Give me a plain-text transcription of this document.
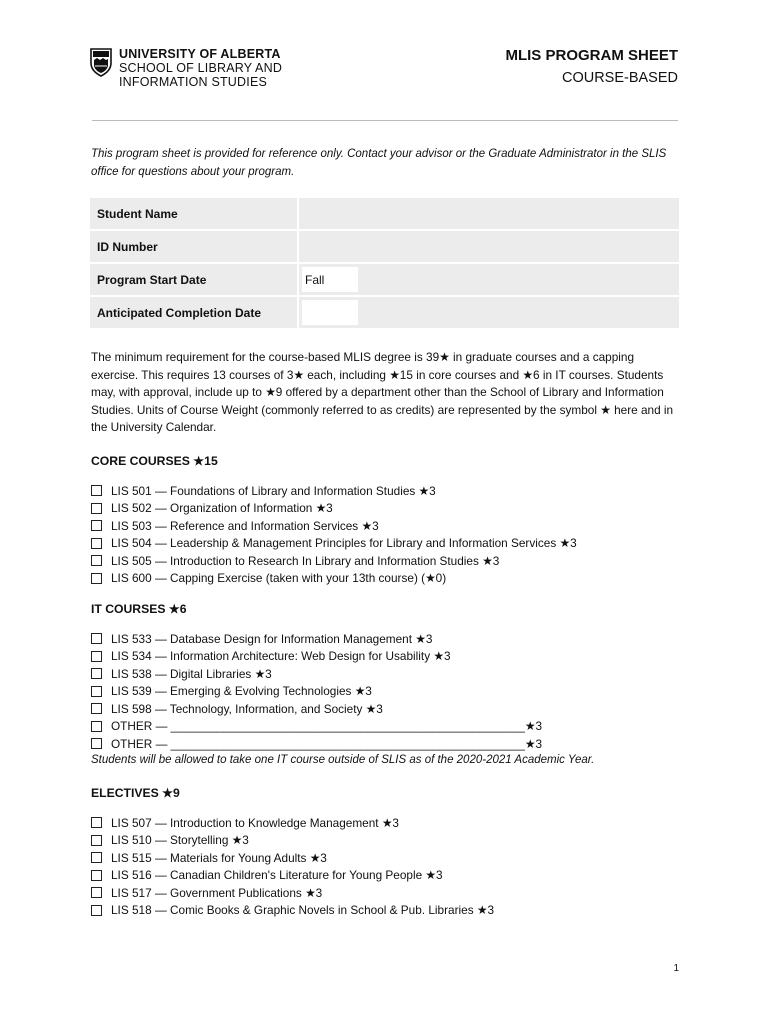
UNIVERSITY OF ALBERTA
SCHOOL OF LIBRARY AND
INFORMATION STUDIES
MLIS PROGRAM SHEET
COURSE-BASED
This program sheet is provided for reference only. Contact your advisor or the Graduate Administrator in the SLIS office for questions about your program.
Student Name
ID Number
Program Start Date	Fall
Anticipated Completion Date
The minimum requirement for the course-based MLIS degree is 39★ in graduate courses and a capping exercise. This requires 13 courses of 3★ each, including ★15 in core courses and ★6 in IT courses. Students may, with approval, include up to ★9 offered by a department other than the School of Library and Information Studies. Units of Course Weight (commonly referred to as credits) are represented by the symbol ★ here and in the University Calendar.
CORE COURSES ★15
LIS 501 — Foundations of Library and Information Studies ★3
LIS 502 — Organization of Information ★3
LIS 503 — Reference and Information Services ★3
LIS 504 — Leadership & Management Principles for Library and Information Services ★3
LIS 505 — Introduction to Research In Library and Information Studies ★3
LIS 600 — Capping Exercise (taken with your 13th course) (★0)
IT COURSES ★6
LIS 533 — Database Design for Information Management ★3
LIS 534 — Information Architecture: Web Design for Usability ★3
LIS 538 — Digital Libraries ★3
LIS 539 — Emerging & Evolving Technologies ★3
LIS 598 — Technology, Information, and Society ★3
OTHER — ______________________________________________________★3
OTHER — ______________________________________________________★3
Students will be allowed to take one IT course outside of SLIS as of the 2020-2021 Academic Year.
ELECTIVES ★9
LIS 507 — Introduction to Knowledge Management ★3
LIS 510 — Storytelling ★3
LIS 515 — Materials for Young Adults ★3
LIS 516 — Canadian Children's Literature for Young People ★3
LIS 517 — Government Publications ★3
LIS 518 — Comic Books & Graphic Novels in School & Pub. Libraries ★3
1
